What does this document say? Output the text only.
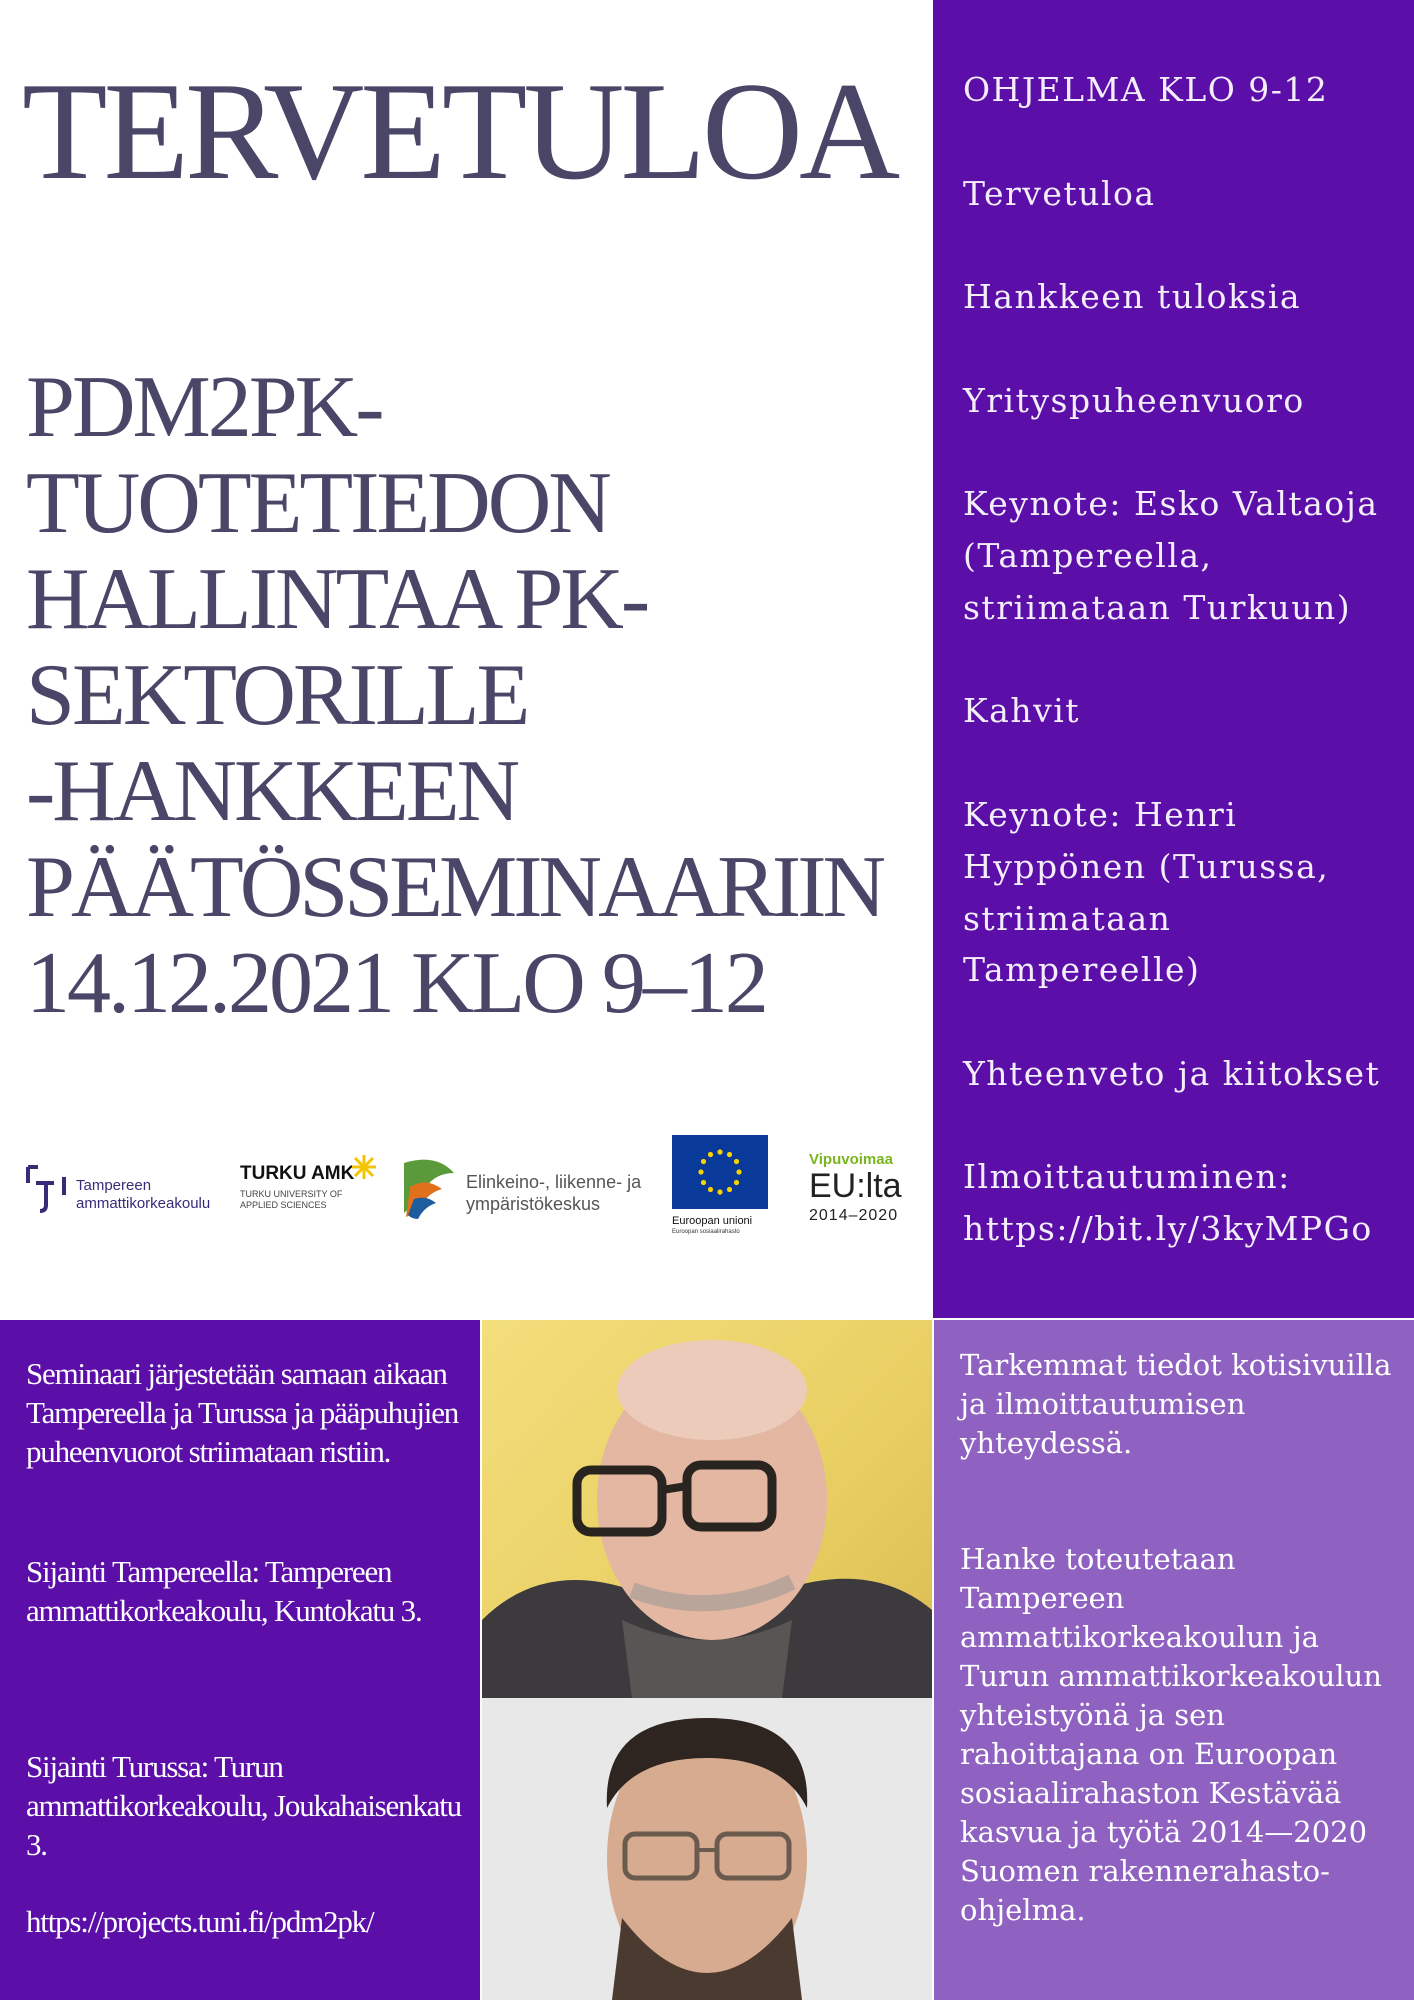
TERVETULOA
PDM2PK-
TUOTETIEDON
HALLINTAA PK-
SEKTORILLE
-HANKKEEN
PÄÄTÖSSEMINAARIIN
14.12.2021 KLO 9–12
OHJELMA KLO 9-12
Tervetuloa
Hankkeen tuloksia
Yrityspuheenvuoro
Keynote: Esko Valtaoja
(Tampereella,
striimataan Turkuun)
Kahvit
Keynote: Henri
Hyppönen (Turussa,
striimataan
Tampereelle)
Yhteenveto ja kiitokset
Ilmoittautuminen:
https://bit.ly/3kyMPGo
Tampereen
ammattikorkeakoulu
TURKU AMK
TURKU UNIVERSITY OF
APPLIED SCIENCES
Elinkeino-, liikenne- ja
ympäristökeskus
Euroopan unioni
Euroopan sosiaalirahasto
Vipuvoimaa
EU:lta
2014–2020
Seminaari järjestetään samaan aikaan Tampereella ja Turussa ja pääpuhujien puheenvuorot striimataan ristiin.
Sijainti Tampereella: Tampereen ammattikorkeakoulu, Kuntokatu 3.
Sijainti Turussa: Turun ammattikorkeakoulu, Joukahaisenkatu 3.
https://projects.tuni.fi/pdm2pk/
Tarkemmat tiedot kotisivuilla ja ilmoittautumisen yhteydessä.
Hanke toteutetaan Tampereen ammattikorkeakoulun ja Turun ammattikorkeakoulun yhteistyönä ja sen rahoittajana on Euroopan sosiaalirahaston Kestävää kasvua ja työtä 2014—2020 Suomen rakennerahasto-ohjelma.
